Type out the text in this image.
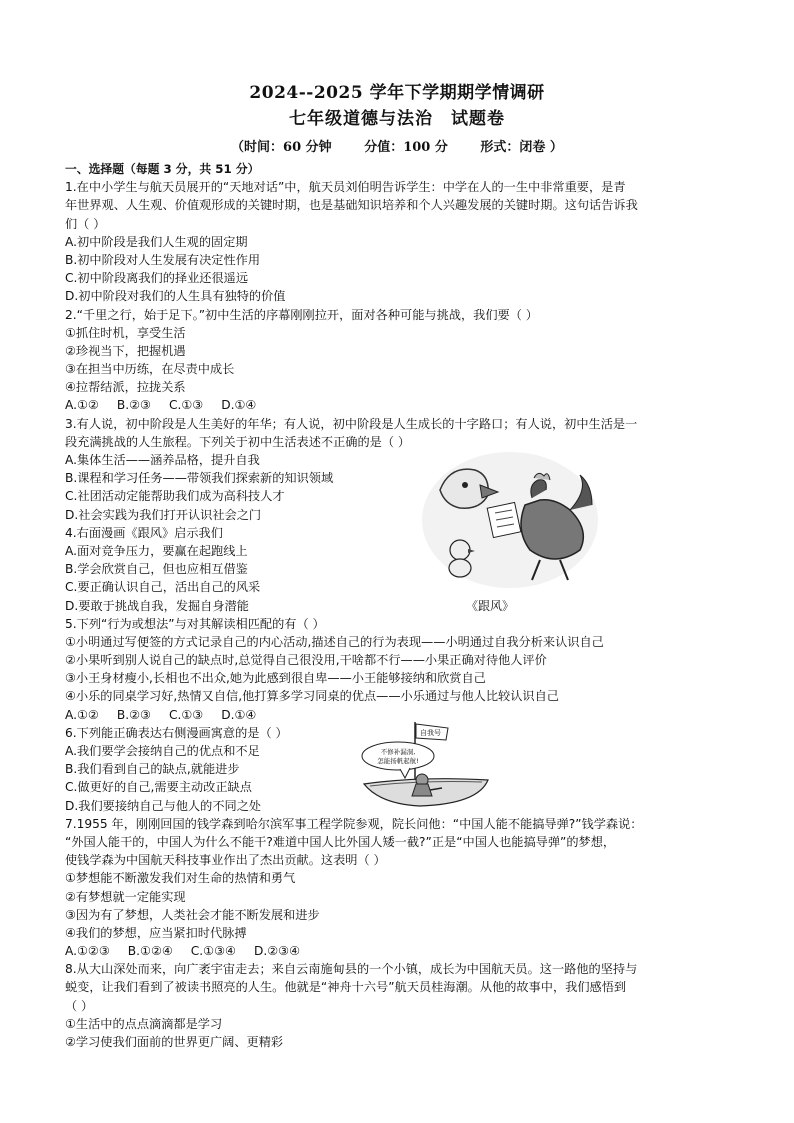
2024--2025 学年下学期期学情调研
七年级道德与法治 试题卷
（时间：60 分钟	分值：100 分	形式：闭卷 ）
一、选择题（每题 3 分，共 51 分）
1.在中小学生与航天员展开的“天地对话”中，航天员刘伯明告诉学生：中学在人的一生中非常重要，是青
年世界观、人生观、价值观形成的关键时期，也是基础知识培养和个人兴趣发展的关键时期。这句话告诉我
们（ ）
A.初中阶段是我们人生观的固定期
B.初中阶段对人生发展有决定性作用
C.初中阶段离我们的择业还很遥远
D.初中阶段对我们的人生具有独特的价值
2.“千里之行，始于足下。”初中生活的序幕刚刚拉开，面对各种可能与挑战，我们要（ ）
①抓住时机，享受生活
②珍视当下，把握机遇
③在担当中历练，在尽责中成长
④拉帮结派，拉拢关系
A.①② B.②③ C.①③ D.①④
3.有人说，初中阶段是人生美好的年华；有人说，初中阶段是人生成长的十字路口；有人说，初中生活是一
段充满挑战的人生旅程。下列关于初中生活表述不正确的是（ ）
A.集体生活——涵养品格，提升自我
B.课程和学习任务——带领我们探索新的知识领域
C.社团活动定能帮助我们成为高科技人才
D.社会实践为我们打开认识社会之门
4.右面漫画《跟风》启示我们
A.面对竞争压力，要赢在起跑线上
B.学会欣赏自己，但也应相互借鉴
C.要正确认识自己，活出自己的风采
D.要敢于挑战自我，发掘自身潜能
5.下列“行为或想法”与对其解读相匹配的有（ ）
①小明通过写便签的方式记录自己的内心活动,描述自己的行为表现——小明通过自我分析来认识自己
②小果听到别人说自己的缺点时,总觉得自己很没用,干啥都不行——小果正确对待他人评价
③小王身材瘦小,长相也不出众,她为此感到很自卑——小王能够接纳和欣赏自己
④小乐的同桌学习好,热情又自信,他打算多学习同桌的优点——小乐通过与他人比较认识自己
A.①② B.②③ C.①③ D.①④
6.下列能正确表达右侧漫画寓意的是（ ）
A.我们要学会接纳自己的优点和不足
B.我们看到自己的缺点,就能进步
C.做更好的自己,需要主动改正缺点
D.我们要接纳自己与他人的不同之处
7.1955 年，刚刚回国的钱学森到哈尔滨军事工程学院参观，院长问他：“中国人能不能搞导弹?”钱学森说：
“外国人能干的，中国人为什么不能干?难道中国人比外国人矮一截?”正是“中国人也能搞导弹”的梦想，
使钱学森为中国航天科技事业作出了杰出贡献。这表明（ ）
①梦想能不断激发我们对生命的热情和勇气
②有梦想就一定能实现
③因为有了梦想，人类社会才能不断发展和进步
④我们的梦想，应当紧扣时代脉搏
A.①②③ B.①②④ C.①③④ D.②③④
8.从大山深处而来，向广袤宇宙走去；来自云南施甸县的一个小镇，成长为中国航天员。这一路他的坚持与
蜕变，让我们看到了被读书照亮的人生。他就是“神舟十六号”航天员桂海潮。从他的故事中，我们感悟到
（ ）
①生活中的点点滴滴都是学习
②学习使我们面前的世界更广阔、更精彩
《跟风》
自我号
不修补漏洞,
怎能扬帆起航!
